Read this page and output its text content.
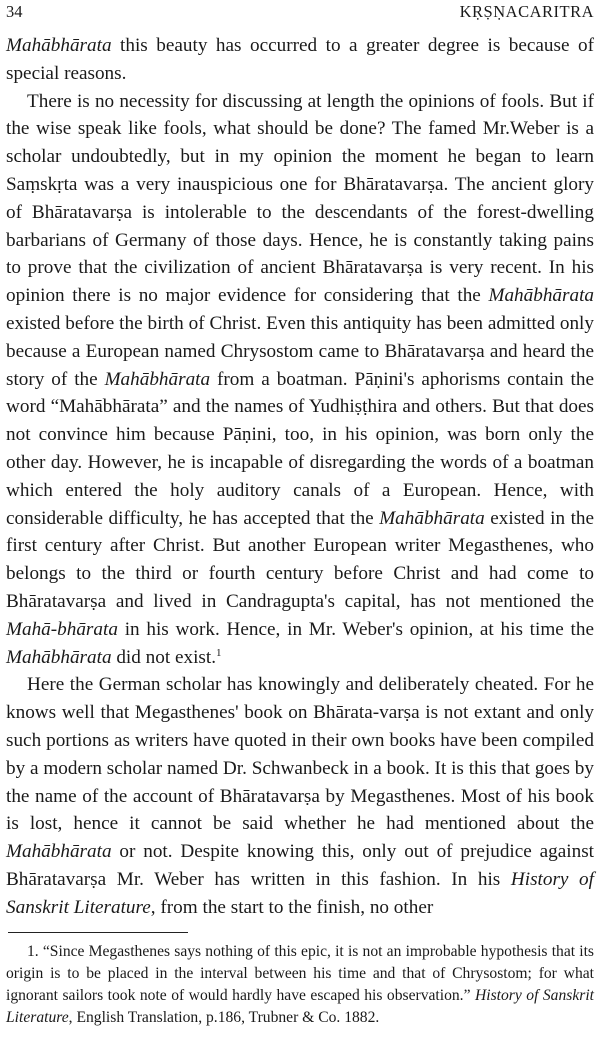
34	KṚṢṆACARITRA

Mahābhārata this beauty has occurred to a greater degree is because of special reasons.

There is no necessity for discussing at length the opinions of fools. But if the wise speak like fools, what should be done? The famed Mr.Weber is a scholar undoubtedly, but in my opinion the moment he began to learn Saṃskṛta was a very inauspicious one for Bhāratavarṣa. The ancient glory of Bhāratavarṣa is intolerable to the descendants of the forest-dwelling barbarians of Germany of those days. Hence, he is constantly taking pains to prove that the civilization of ancient Bhāratavarṣa is very recent. In his opinion there is no major evidence for considering that the Mahābhārata existed before the birth of Christ. Even this antiquity has been admitted only because a European named Chrysostom came to Bhāratavarṣa and heard the story of the Mahābhārata from a boatman. Pāṇini's aphorisms contain the word “Mahābhārata” and the names of Yudhiṣṭhira and others. But that does not convince him because Pāṇini, too, in his opinion, was born only the other day. However, he is incapable of disregarding the words of a boatman which entered the holy auditory canals of a European. Hence, with considerable difficulty, he has accepted that the Mahābhārata existed in the first century after Christ. But another European writer Megasthenes, who belongs to the third or fourth century before Christ and had come to Bhāratavarṣa and lived in Candragupta's capital, has not mentioned the Mahā-bhārata in his work. Hence, in Mr. Weber's opinion, at his time the Mahābhārata did not exist.$^1$

Here the German scholar has knowingly and deliberately cheated. For he knows well that Megasthenes' book on Bhārata-varṣa is not extant and only such portions as writers have quoted in their own books have been compiled by a modern scholar named Dr. Schwanbeck in a book. It is this that goes by the name of the account of Bhāratavarṣa by Megasthenes. Most of his book is lost, hence it cannot be said whether he had mentioned about the Mahābhārata or not. Despite knowing this, only out of prejudice against Bhāratavarṣa Mr. Weber has written in this fashion. In his History of Sanskrit Literature, from the start to the finish, no other

1. “Since Megasthenes says nothing of this epic, it is not an improbable hypothesis that its origin is to be placed in the interval between his time and that of Chrysostom; for what ignorant sailors took note of would hardly have escaped his observation.” History of Sanskrit Literature, English Translation, p.186, Trubner & Co. 1882.
